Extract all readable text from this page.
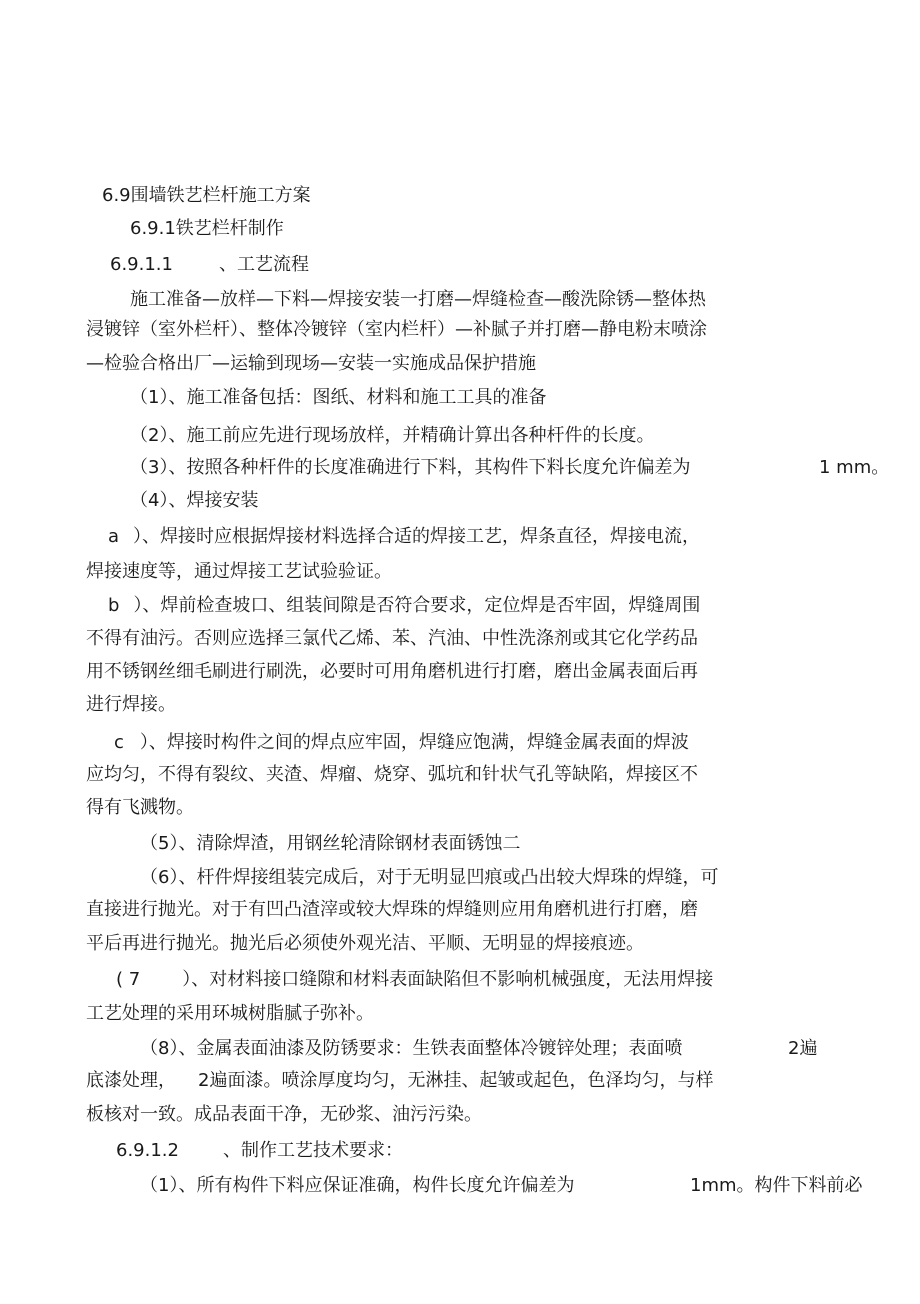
6.9围墙铁艺栏杆施工方案
6.9.1铁艺栏杆制作
6.9.1.1	、工艺流程
施工准备—放样—下料—焊接安装一打磨—焊缝检查—酸洗除锈—整体热
浸镀锌（室外栏杆）、整体冷镀锌（室内栏杆）—补腻子并打磨—静电粉末喷涂
—检验合格出厂—运输到现场—安装一实施成品保护措施
（1）、施工准备包括：图纸、材料和施工工具的准备
（2）、施工前应先进行现场放样，并精确计算出各种杆件的长度。
（3）、按照各种杆件的长度准确进行下料，其构件下料长度允许偏差为	1 mm。
（4）、焊接安装
a ）、焊接时应根据焊接材料选择合适的焊接工艺，焊条直径，焊接电流，
焊接速度等，通过焊接工艺试验验证。
b ）、焊前检查坡口、组装间隙是否符合要求，定位焊是否牢固，焊缝周围
不得有油污。否则应选择三氯代乙烯、苯、汽油、中性洗涤剂或其它化学药品
用不锈钢丝细毛刷进行刷洗，必要时可用角磨机进行打磨，磨出金属表面后再
进行焊接。
c ）、焊接时构件之间的焊点应牢固，焊缝应饱满，焊缝金属表面的焊波
应均匀，不得有裂纹、夹渣、焊瘤、烧穿、弧坑和针状气孔等缺陷，焊接区不
得有飞溅物。
（5）、清除焊渣，用钢丝轮清除钢材表面锈蚀二
（6）、杆件焊接组装完成后，对于无明显凹痕或凸出较大焊珠的焊缝，可
直接进行抛光。对于有凹凸渣滓或较大焊珠的焊缝则应用角磨机进行打磨，磨
平后再进行抛光。抛光后必须使外观光洁、平顺、无明显的焊接痕迹。
( 7 ）、对材料接口缝隙和材料表面缺陷但不影响机械强度，无法用焊接
工艺处理的采用环城树脂腻子弥补。
（8）、金属表面油漆及防锈要求：生铁表面整体冷镀锌处理；表面喷	2遍
底漆处理， 2遍面漆。喷涂厚度均匀，无淋挂、起皱或起色，色泽均匀，与样
板核对一致。成品表面干净，无砂浆、油污污染。
6.9.1.2 、制作工艺技术要求：
（1）、所有构件下料应保证准确，构件长度允许偏差为	1mm。构件下料前必
